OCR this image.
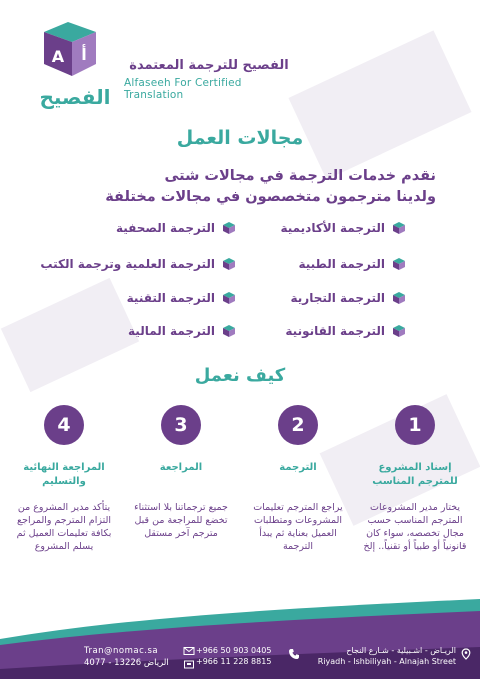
A أ
الفصيح
الفصيح للترجمة المعتمدة
Alfaseeh For Certified Translation
مجالات العمل
نقدم خدمات الترجمة في مجالات شتى
ولدينا مترجمون متخصصون في مجالات مختلفة
الترجمة الأكاديمية
الترجمة الصحفية
الترجمة الطبية
الترجمة العلمية وترجمة الكتب
الترجمة التجارية
الترجمة التقنية
الترجمة القانونية
الترجمة المالية
كيف نعمل
1
إسناد المشروع للمترجم المناسب
يختار مدير المشروعات المترجم المناسب حسب مجال تخصصه، سواء كان قانونياً أو طبياً أو تقنياً.. إلخ
2
الترجمة
يراجع المترجم تعليمات المشروعات ومتطلبات العميل بعناية ثم يبدأ الترجمة
3
المراجعة
جميع ترجماتنا بلا استثناء تخضع للمراجعة من قبل مترجم آخر مستقل
4
المراجعة النهائية والتسليم
يتأكد مدير المشروع من التزام المترجم والمراجع بكافة تعليمات العميل ثم يسلم المشروع
الريـاض - اشـبيلية - شـارع النجاح
Riyadh - Ishbiliyah - Alnajah Street
+966 50 903 0405
+966 11 228 8815
Tran@nomac.sa
الرياض 13226 - 4077
